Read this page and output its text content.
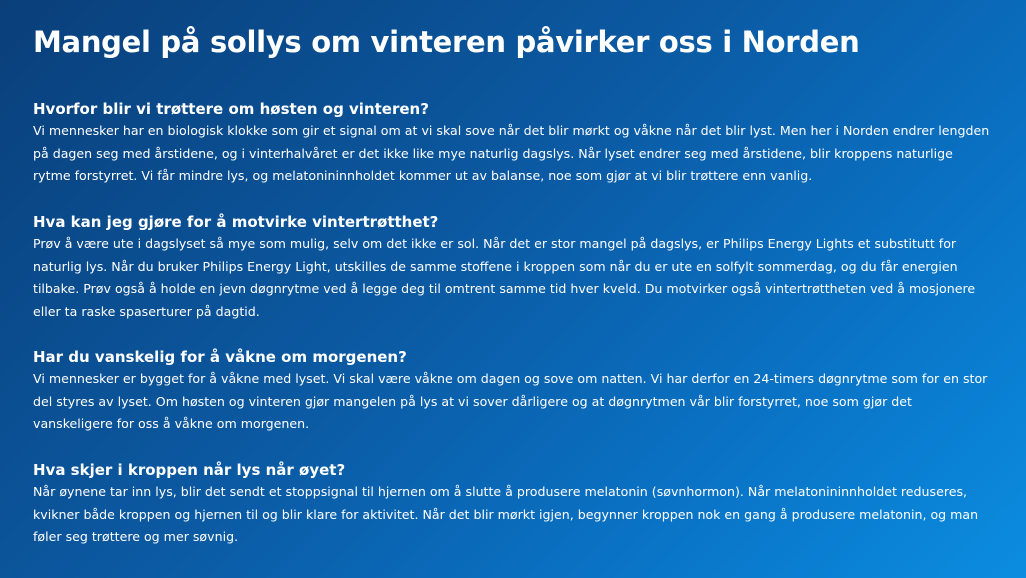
Mangel på sollys om vinteren påvirker oss i Norden
Hvorfor blir vi trøttere om høsten og vinteren?

Vi mennesker har en biologisk klokke som gir et signal om at vi skal sove når det blir mørkt og våkne når det blir lyst. Men her i Norden endrer lengden på dagen seg med årstidene, og i vinterhalvåret er det ikke like mye naturlig dagslys. Når lyset endrer seg med årstidene, blir kroppens naturlige rytme forstyrret. Vi får mindre lys, og melatonininnholdet kommer ut av balanse, noe som gjør at vi blir trøttere enn vanlig.

Hva kan jeg gjøre for å motvirke vintertrøtthet?

Prøv å være ute i dagslyset så mye som mulig, selv om det ikke er sol. Når det er stor mangel på dagslys, er Philips Energy Lights et substitutt for naturlig lys. Når du bruker Philips Energy Light, utskilles de samme stoffene i kroppen som når du er ute en solfylt sommerdag, og du får energien tilbake. Prøv også å holde en jevn døgnrytme ved å legge deg til omtrent samme tid hver kveld. Du motvirker også vintertrøttheten ved å mosjonere eller ta raske spaserturer på dagtid.

Har du vanskelig for å våkne om morgenen?

Vi mennesker er bygget for å våkne med lyset. Vi skal være våkne om dagen og sove om natten. Vi har derfor en 24-timers døgnrytme som for en stor del styres av lyset. Om høsten og vinteren gjør mangelen på lys at vi sover dårligere og at døgnrytmen vår blir forstyrret, noe som gjør det vanskeligere for oss å våkne om morgenen.

Hva skjer i kroppen når lys når øyet?

Når øynene tar inn lys, blir det sendt et stoppsignal til hjernen om å slutte å produsere melatonin (søvnhormon). Når melatonininnholdet reduseres, kvikner både kroppen og hjernen til og blir klare for aktivitet. Når det blir mørkt igjen, begynner kroppen nok en gang å produsere melatonin, og man føler seg trøttere og mer søvnig.
